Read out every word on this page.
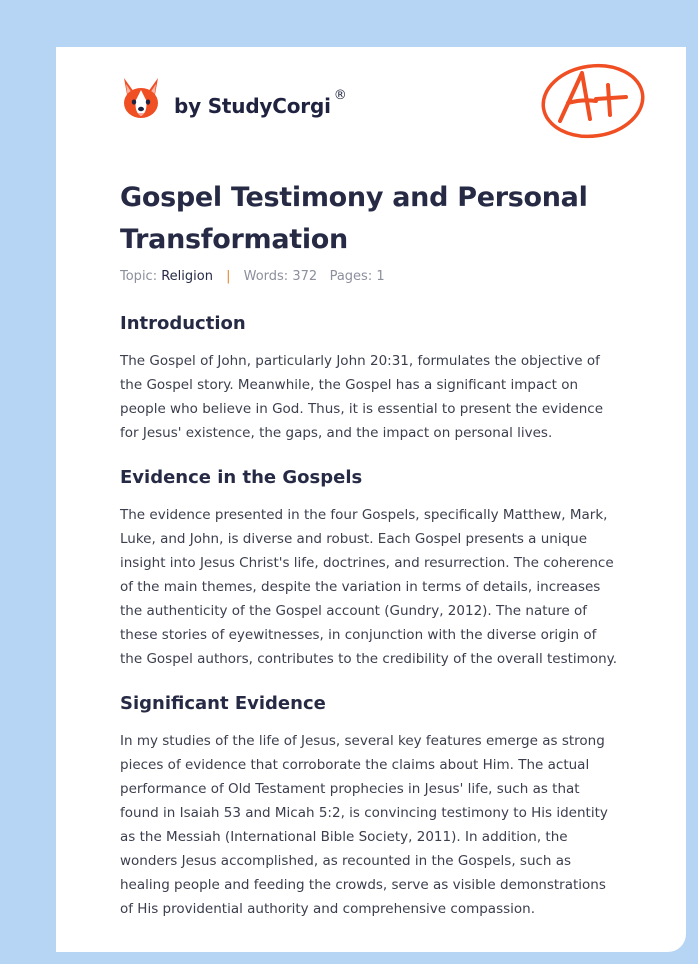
by StudyCorgi ®
Gospel Testimony and Personal Transformation
Topic: Religion | Words: 372 Pages: 1
Introduction

The Gospel of John, particularly John 20:31, formulates the objective of the Gospel story. Meanwhile, the Gospel has a significant impact on people who believe in God. Thus, it is essential to present the evidence for Jesus' existence, the gaps, and the impact on personal lives.

Evidence in the Gospels

The evidence presented in the four Gospels, specifically Matthew, Mark, Luke, and John, is diverse and robust. Each Gospel presents a unique insight into Jesus Christ's life, doctrines, and resurrection. The coherence of the main themes, despite the variation in terms of details, increases the authenticity of the Gospel account (Gundry, 2012). The nature of these stories of eyewitnesses, in conjunction with the diverse origin of the Gospel authors, contributes to the credibility of the overall testimony.

Significant Evidence

In my studies of the life of Jesus, several key features emerge as strong pieces of evidence that corroborate the claims about Him. The actual performance of Old Testament prophecies in Jesus' life, such as that found in Isaiah 53 and Micah 5:2, is convincing testimony to His identity as the Messiah (International Bible Society, 2011). In addition, the wonders Jesus accomplished, as recounted in the Gospels, such as healing people and feeding the crowds, serve as visible demonstrations of His providential authority and comprehensive compassion.
